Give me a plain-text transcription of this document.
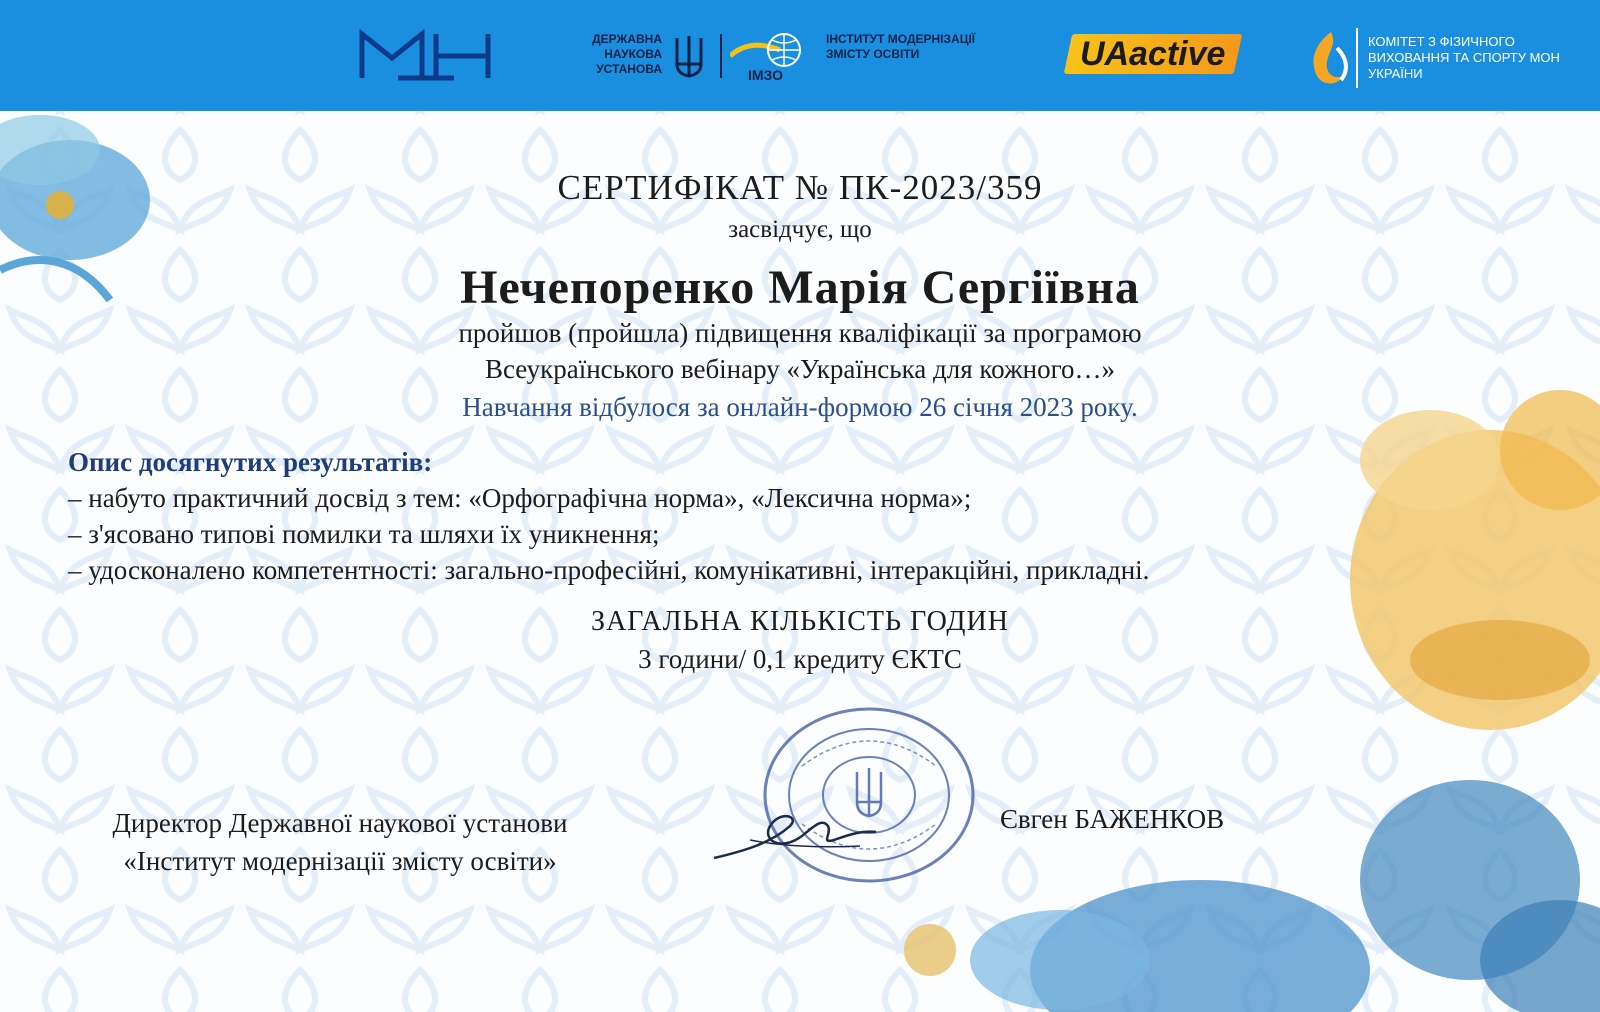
ДЕРЖАВНА НАУКОВА УСТАНОВА	ІМЗО
ІНСТИТУТ МОДЕРНІЗАЦІЇ ЗМІСТУ ОСВІТИ	UAactive	КОМІТЕТ З ФІЗИЧНОГО ВИХОВАННЯ ТА СПОРТУ МОН УКРАЇНИ
СЕРТИФІКАТ № ПК-2023/359
засвідчує, що
Нечепоренко Марія Сергіївна
пройшов (пройшла) підвищення кваліфікації за програмою
Всеукраїнського вебінару «Українська для кожного…»
Навчання відбулося за онлайн-формою 26 січня 2023 року.
Опис досягнутих результатів:
– набуто практичний досвід з тем: «Орфографічна норма», «Лексична норма»;
– з'ясовано типові помилки та шляхи їх уникнення;
– удосконалено компетентності: загально-професійні, комунікативні, інтеракційні, прикладні.
ЗАГАЛЬНА КІЛЬКІСТЬ ГОДИН
3 години/ 0,1 кредиту ЄКТС
Директор Державної наукової установи
«Інститут модернізації змісту освіти»
Євген БАЖЕНКОВ
